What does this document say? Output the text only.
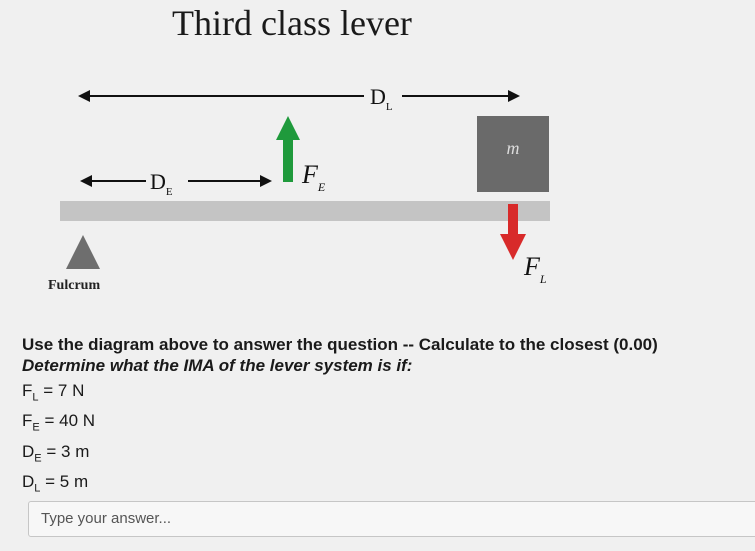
Third class lever
$D_L$
$D_E$
$F_E$
m
$F_L$
Fulcrum

Use the diagram above to answer the question -- Calculate to the closest (0.00)

Determine what the IMA of the lever system is if:

$F_L = 7$ N
$F_E = 40$ N
$D_E = 3$ m
$D_L = 5$ m
Type your answer...
